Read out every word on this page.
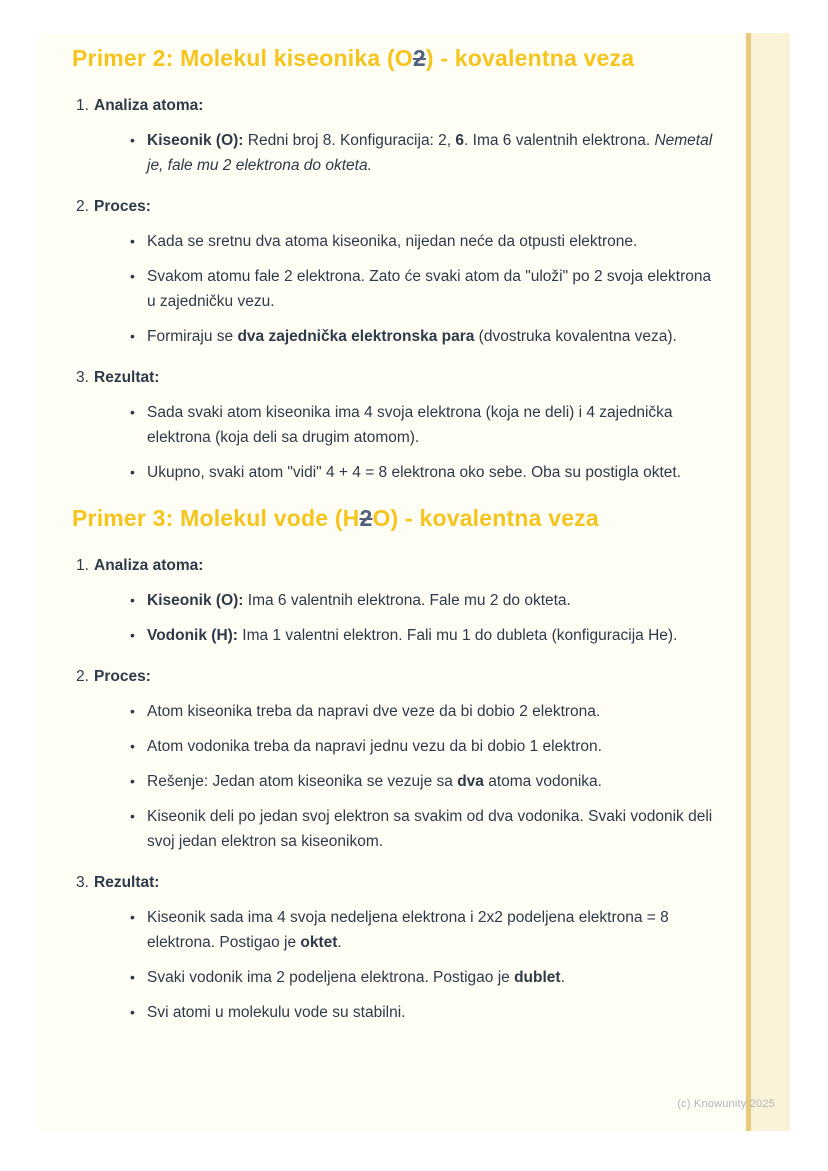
Primer 2: Molekul kiseonika (O2) - kovalentna veza
1. Analiza atoma:
• Kiseonik (O): Redni broj 8. Konfiguracija: 2, 6. Ima 6 valentnih elektrona. Nemetal je, fale mu 2 elektrona do okteta.

2. Proces:
• Kada se sretnu dva atoma kiseonika, nijedan neće da otpusti elektrone.

• Svakom atomu fale 2 elektrona. Zato će svaki atom da "uloži" po 2 svoja elektrona u zajedničku vezu.

• Formiraju se dva zajednička elektronska para (dvostruka kovalentna veza).

3. Rezultat:
• Sada svaki atom kiseonika ima 4 svoja elektrona (koja ne deli) i 4 zajednička elektrona (koja deli sa drugim atomom).

• Ukupno, svaki atom "vidi" 4 + 4 = 8 elektrona oko sebe. Oba su postigla oktet.

Primer 3: Molekul vode (H2O) - kovalentna veza
1. Analiza atoma:
• Kiseonik (O): Ima 6 valentnih elektrona. Fale mu 2 do okteta.

• Vodonik (H): Ima 1 valentni elektron. Fali mu 1 do dubleta (konfiguracija He).

2. Proces:
• Atom kiseonika treba da napravi dve veze da bi dobio 2 elektrona.

• Atom vodonika treba da napravi jednu vezu da bi dobio 1 elektron.

• Rešenje: Jedan atom kiseonika se vezuje sa dva atoma vodonika.

• Kiseonik deli po jedan svoj elektron sa svakim od dva vodonika. Svaki vodonik deli svoj jedan elektron sa kiseonikom.

3. Rezultat:
• Kiseonik sada ima 4 svoja nedeljena elektrona i 2x2 podeljena elektrona = 8 elektrona. Postigao je oktet.

• Svaki vodonik ima 2 podeljena elektrona. Postigao je dublet.

• Svi atomi u molekulu vode su stabilni.

(c) Knowunity 2025
